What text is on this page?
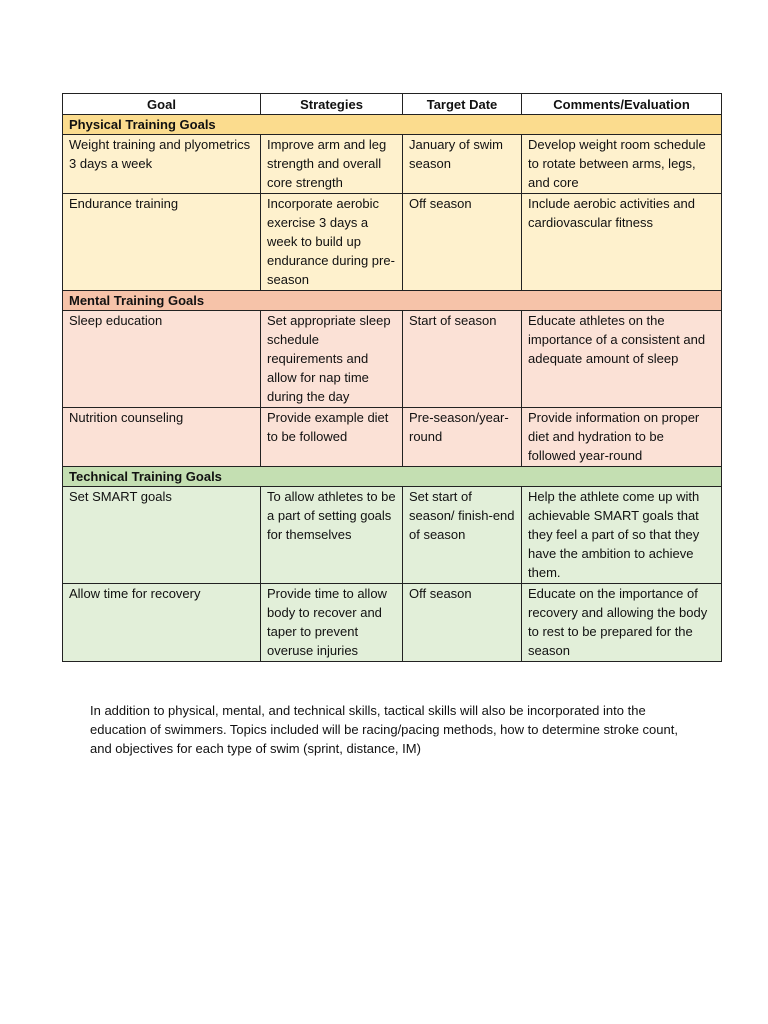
Goal	Strategies	Target Date	Comments/Evaluation
Physical Training Goals			
Weight training and plyometrics 3 days a week	Improve arm and leg strength and overall core strength	January of swim season	Develop weight room schedule to rotate between arms, legs, and core
Endurance training	Incorporate aerobic exercise 3 days a week to build up endurance during pre-season	Off season	Include aerobic activities and cardiovascular fitness
Mental Training Goals			
Sleep education	Set appropriate sleep schedule requirements and allow for nap time during the day	Start of season	Educate athletes on the importance of a consistent and adequate amount of sleep
Nutrition counseling	Provide example diet to be followed	Pre-season/year-round	Provide information on proper diet and hydration to be followed year-round
Technical Training Goals			
Set SMART goals	To allow athletes to be a part of setting goals for themselves	Set start of season/ finish-end of season	Help the athlete come up with achievable SMART goals that they feel a part of so that they have the ambition to achieve them.
Allow time for recovery	Provide time to allow body to recover and taper to prevent overuse injuries	Off season	Educate on the importance of recovery and allowing the body to rest to be prepared for the season

In addition to physical, mental, and technical skills, tactical skills will also be incorporated into the education of swimmers. Topics included will be racing/pacing methods, how to determine stroke count, and objectives for each type of swim (sprint, distance, IM)
